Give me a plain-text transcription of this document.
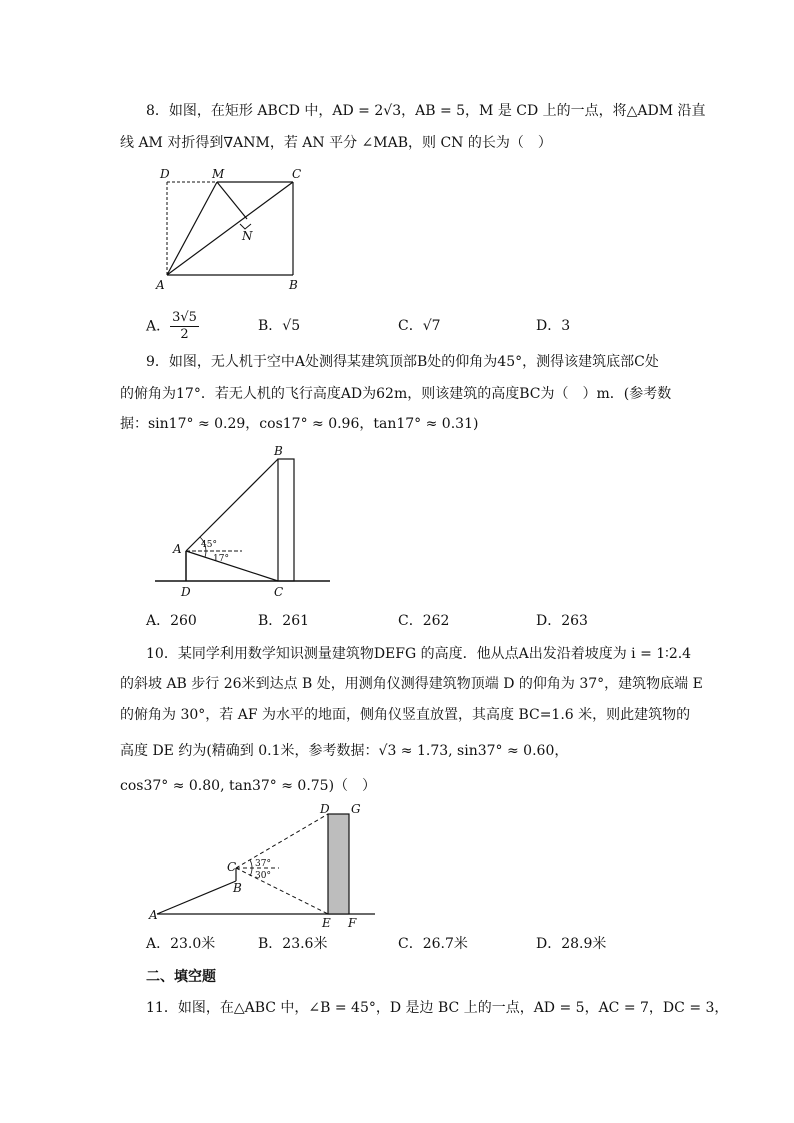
8．如图，在矩形 ABCD 中，AD = 2√3，AB = 5，M 是 CD 上的一点，将△ADM 沿直
线 AM 对折得到∇ANM，若 AN 平分 ∠MAB，则 CN 的长为（　）
D	M	C
N
A	B
A． $\frac{3√5}{2}$	B．√5	C．√7	D．3
9．如图，无人机于空中A处测得某建筑顶部B处的仰角为45°，测得该建筑底部C处
的俯角为17°．若无人机的飞行高度AD为62m，则该建筑的高度BC为（　）m．(参考数
据：sin17° ≈ 0.29，cos17° ≈ 0.96，tan17° ≈ 0.31)
B
A
D	C
45°
17°
A．260	B．261	C．262	D．263
10．某同学利用数学知识测量建筑物DEFG 的高度．他从点A出发沿着坡度为 i = 1∶2.4
的斜坡 AB 步行 26米到达点 B 处，用测角仪测得建筑物顶端 D 的仰角为 37°，建筑物底端 E
的俯角为 30°，若 AF 为水平的地面，侧角仪竖直放置，其高度 BC=1.6 米，则此建筑物的
高度 DE 约为(精确到 0.1米，参考数据：√3 ≈ 1.73, sin37° ≈ 0.60，
cos37° ≈ 0.80, tan37° ≈ 0.75)（　）
D G
C
B
A
E F
37°
30°
A．23.0米	B．23.6米	C．26.7米	D．28.9米
二、填空题
11．如图，在△ABC 中，∠B = 45°，D 是边 BC 上的一点，AD = 5，AC = 7，DC = 3，
